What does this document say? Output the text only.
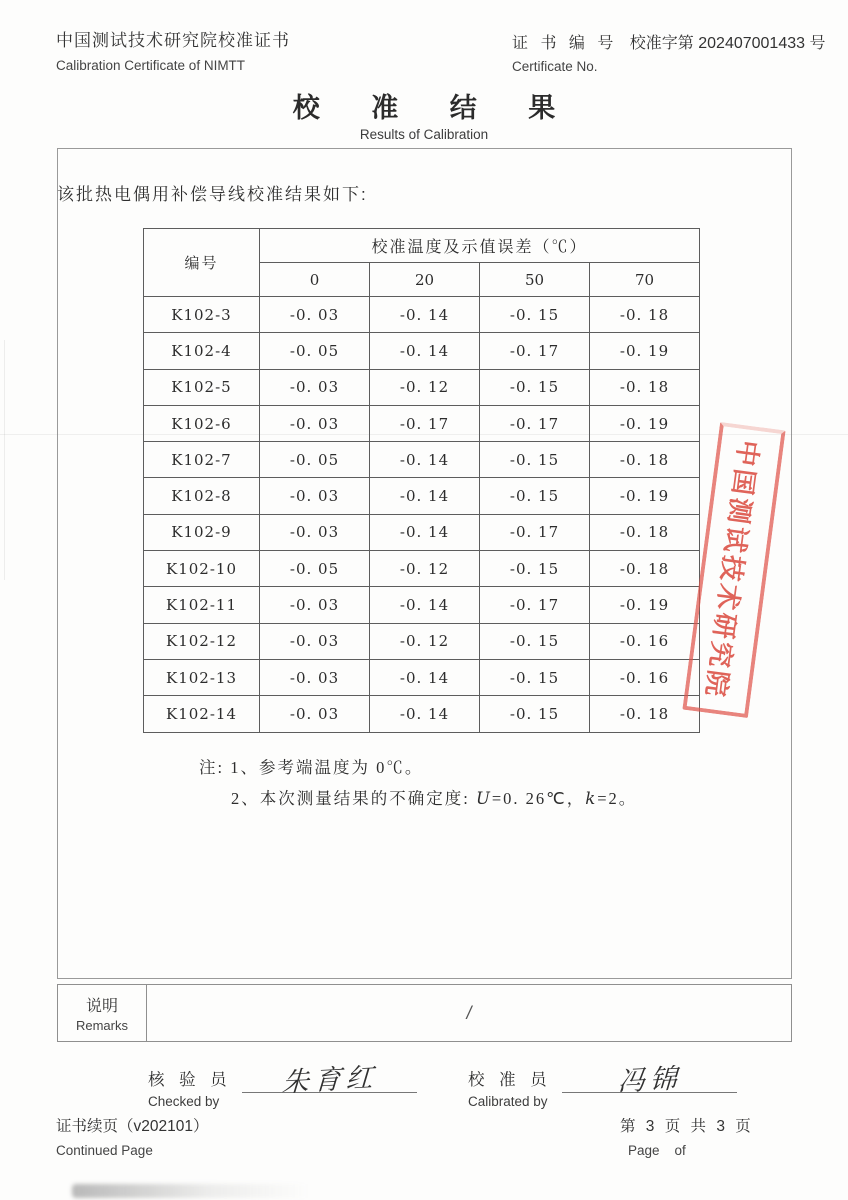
中国测试技术研究院校准证书
Calibration Certificate of NIMTT
证 书 编 号 校准字第 202407001433 号
Certificate No.
校 准 结 果
Results of Calibration
该批热电偶用补偿导线校准结果如下:
编号	校准温度及示值误差（℃）			
	0	20	50	70
K102-3	-0. 03	-0. 14	-0. 15	-0. 18
K102-4	-0. 05	-0. 14	-0. 17	-0. 19
K102-5	-0. 03	-0. 12	-0. 15	-0. 18
K102-6	-0. 03	-0. 17	-0. 17	-0. 19
K102-7	-0. 05	-0. 14	-0. 15	-0. 18
K102-8	-0. 03	-0. 14	-0. 15	-0. 19
K102-9	-0. 03	-0. 14	-0. 17	-0. 18
K102-10	-0. 05	-0. 12	-0. 15	-0. 18
K102-11	-0. 03	-0. 14	-0. 17	-0. 19
K102-12	-0. 03	-0. 12	-0. 15	-0. 16
K102-13	-0. 03	-0. 14	-0. 15	-0. 16
K102-14	-0. 03	-0. 14	-0. 15	-0. 18
注: 1、参考端温度为 0℃。
2、本次测量结果的不确定度: U=0. 26℃，k=2。
中国测试技术研究院
说明
Remarks
/
核 验 员
Checked by
朱育红	校 准 员
Calibrated by
冯锦
证书续页（v202101）
Continued Page
第 3 页 共 3 页
Page    of
